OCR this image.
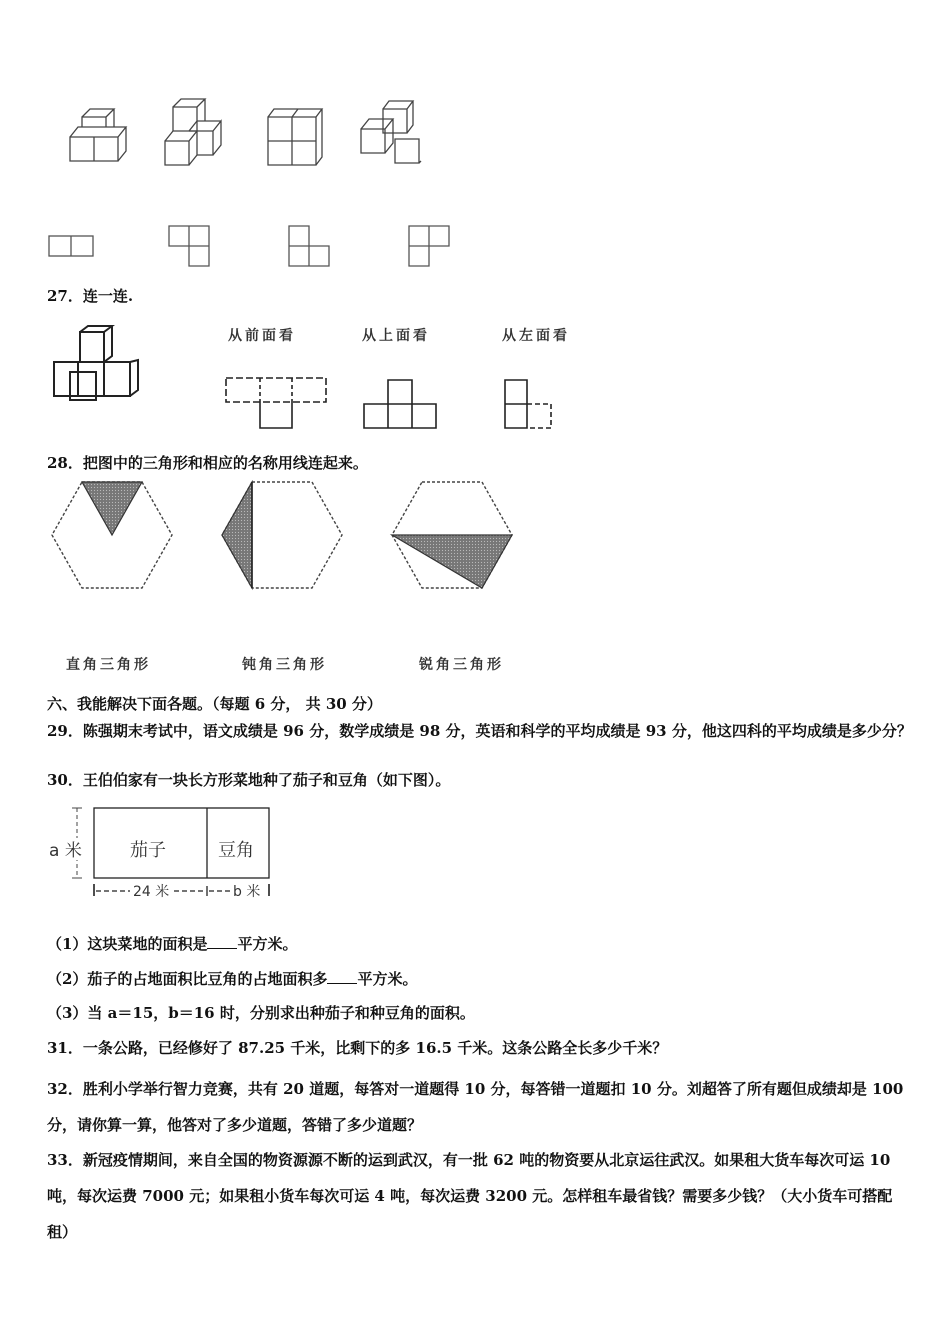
27．连一连.
从前面看	从上面看	从左面看
28．把图中的三角形和相应的名称用线连起来。
直角三角形	钝角三角形	锐角三角形
六、我能解决下面各题。（每题 6 分， 共 30 分）
29．陈强期末考试中，语文成绩是 96 分，数学成绩是 98 分，英语和科学的平均成绩是 93 分，他这四科的平均成绩是多少分？
30．王伯伯家有一块长方形菜地种了茄子和豆角（如下图）。
a 米	茄子	豆角
24 米	b 米
（1）这块菜地的面积是 平方米。
（2）茄子的占地面积比豆角的占地面积多 平方米。
（3）当 a＝15，b＝16 时，分别求出种茄子和种豆角的面积。
31．一条公路，已经修好了 87.25 千米，比剩下的多 16.5 千米。这条公路全长多少千米？
32．胜利小学举行智力竞赛，共有 20 道题，每答对一道题得 10 分，每答错一道题扣 10 分。刘超答了所有题但成绩却是 100 分，请你算一算，他答对了多少道题，答错了多少道题？
33．新冠疫情期间，来自全国的物资源源不断的运到武汉，有一批 62 吨的物资要从北京运往武汉。如果租大货车每次可运 10 吨，每次运费 7000 元；如果租小货车每次可运 4 吨，每次运费 3200 元。怎样租车最省钱？需要多少钱？（大小货车可搭配租）
